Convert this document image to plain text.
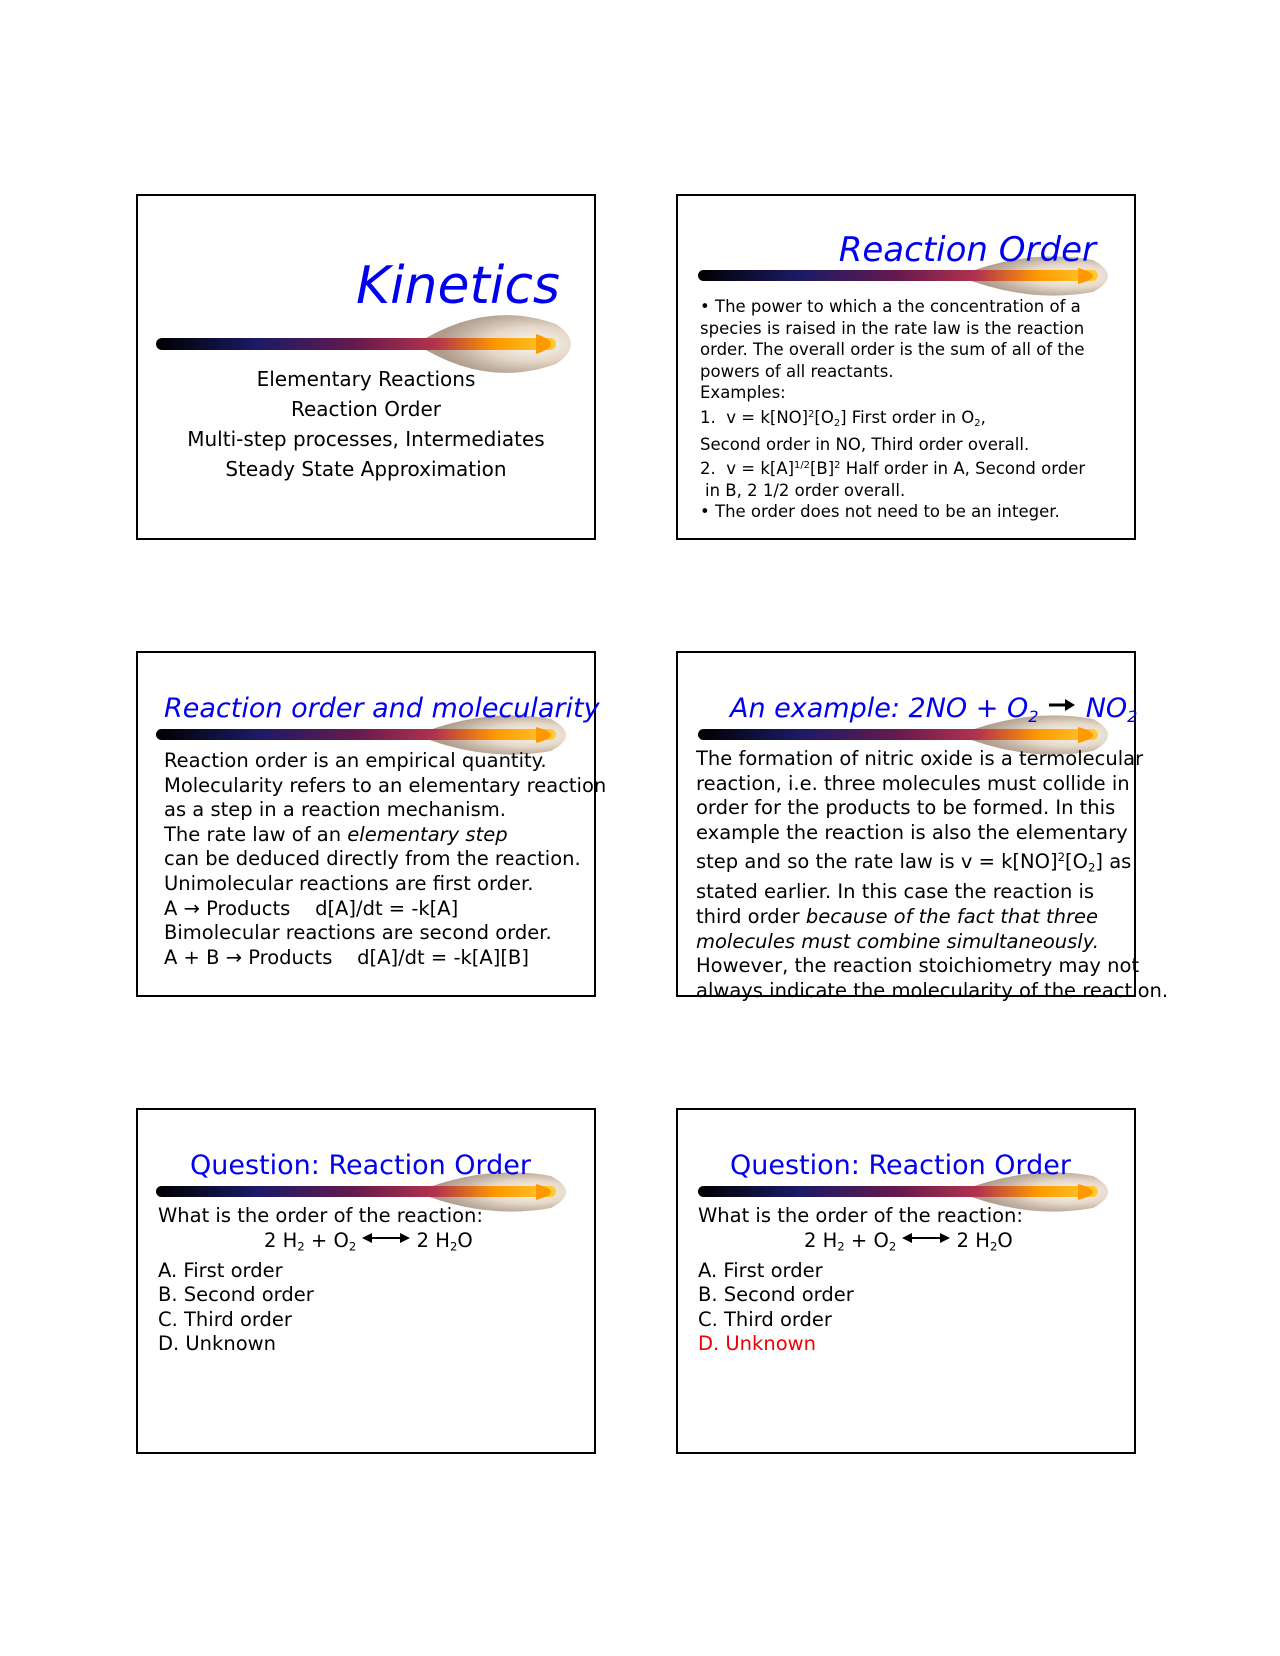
Kinetics
Elementary Reactions
Reaction Order
Multi-step processes, Intermediates
Steady State Approximation
Reaction Order
• The power to which a the concentration of a
species is raised in the rate law is the reaction
order. The overall order is the sum of all of the
powers of all reactants.
Examples:
1. $v = k[NO]^2[O_2]$ First order in $O_2$,
Second order in NO, Third order overall.
2. $v = k[A]^{1/2}[B]^2$ Half order in A, Second order
in B, 2 1/2 order overall.
• The order does not need to be an integer.
Reaction order and molecularity
Reaction order is an empirical quantity.
Molecularity refers to an elementary reaction
as a step in a reaction mechanism.
The rate law of an elementary step
can be deduced directly from the reaction.
Unimolecular reactions are first order.
A → Products    d[A]/dt = -k[A]
Bimolecular reactions are second order.
A + B → Products    d[A]/dt = -k[A][B]
An example: $2NO + O_2 \to NO_2$
The formation of nitric oxide is a termolecular
reaction, i.e. three molecules must collide in
order for the products to be formed. In this
example the reaction is also the elementary
step and so the rate law is $v = k[NO]^2[O_2]$ as
stated earlier. In this case the reaction is
third order because of the fact that three
molecules must combine simultaneously.
However, the reaction stoichiometry may not
always indicate the molecularity of the reaction.
Question: Reaction Order
What is the order of the reaction:
2 $H_2 + O_2$	2 $H_2O$
A. First order
B. Second order
C. Third order
D. Unknown
Question: Reaction Order
What is the order of the reaction:
2 $H_2 + O_2$	2 $H_2O$
A. First order
B. Second order
C. Third order
D. Unknown
